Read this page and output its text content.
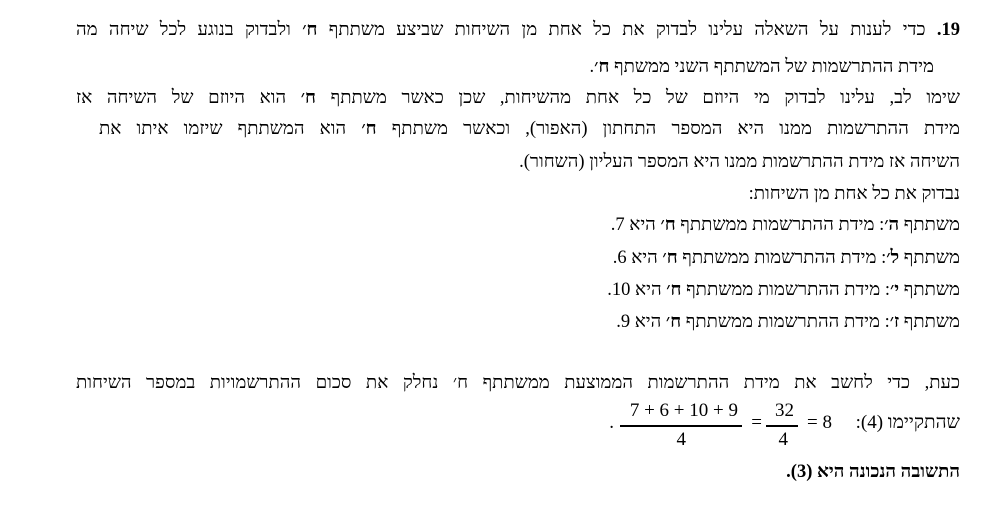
19. כדי לענות על השאלה עלינו לבדוק את כל אחת מן השיחות שביצע משתתף ח׳ ולבדוק בנוגע לכל שיחה מה
מידת ההתרשמות של המשתתף השני ממשתף ח׳.
שימו לב, עלינו לבדוק מי היוזם של כל אחת מהשיחות, שכן כאשר משתתף ח׳ הוא היוזם של השיחה אז
מידת ההתרשמות ממנו היא המספר התחתון (האפור), וכאשר משתתף ח׳ הוא המשתתף שיזמו איתו את
השיחה אז מידת ההתרשמות ממנו היא המספר העליון (השחור).
נבדוק את כל אחת מן השיחות:
משתתף ה׳: מידת ההתרשמות ממשתתף ח׳ היא 7.
משתתף ל׳: מידת ההתרשמות ממשתתף ח׳ היא 6.
משתתף י׳: מידת ההתרשמות ממשתתף ח׳ היא 10.
משתתף ז׳: מידת ההתרשמות ממשתתף ח׳ היא 9.
כעת, כדי לחשב את מידת ההתרשמות הממוצעת ממשתתף ח׳ נחלק את סכום ההתרשמויות במספר השיחות
שהתקיימו (4):
= 8
32
4
=
7 + 6 + 10 + 9
4
.
התשובה הנכונה היא (3).
